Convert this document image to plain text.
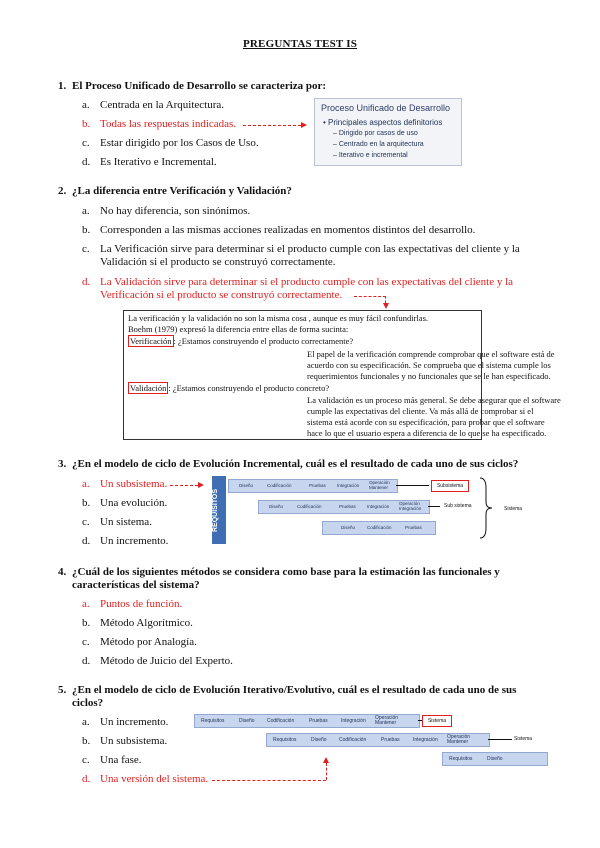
PREGUNTAS TEST IS
1. El Proceso Unificado de Desarrollo se caracteriza por:
a. Centrada en la Arquitectura.
b. Todas las respuestas indicadas.
c. Estar dirigido por los Casos de Uso.
d. Es Iterativo e Incremental.
Proceso Unificado de Desarrollo
• Principales aspectos definitorios
– Dirigido por casos de uso
– Centrado en la arquitectura
– Iterativo e incremental
2. ¿La diferencia entre Verificación y Validación?
a. No hay diferencia, son sinónimos.
b. Corresponden a las mismas acciones realizadas en momentos distintos del desarrollo.
c. La Verificación sirve para determinar si el producto cumple con las expectativas del cliente y la
Validación si el producto se construyó correctamente.
d. La Validación sirve para determinar si el producto cumple con las expectativas del cliente y la
Verificación si el producto se construyó correctamente.
La verificación y la validación no son la misma cosa , aunque es muy fácil confundirlas.
Boehm (1979) expresó la diferencia entre ellas de forma sucinta:
Verificación : ¿Estamos construyendo el producto correctamente?
El papel de la verificación comprende comprobar que el software está de
acuerdo con su especificación. Se comprueba que el sistema cumple los
requerimientos funcionales y no funcionales que se le han especificado.
Validación : ¿Estamos construyendo el producto concreto?
La validación es un proceso más general. Se debe asegurar que el software
cumple las expectativas del cliente. Va más allá de comprobar si el
sistema está acorde con su especificación, para probar que el software
hace lo que el usuario espera a diferencia de lo que se ha especificado.
3. ¿En el modelo de ciclo de Evolución Incremental, cuál es el resultado de cada uno de sus ciclos?
a. Un subsistema.
b. Una evolución.
c. Un sistema.
d. Un incremento.
REQUISITOS
Diseño	Codificación	Pruebas Integración
Operación Mantener	Subsistema
Diseño	Codificación	Pruebas Integración
Operación Integración	Sub sistema
Diseño	Codificación	Pruebas
Sistema
4. ¿Cuál de los siguientes métodos se considera como base para la estimación las funcionales y
características del sistema?
a. Puntos de función.
b. Método Algorítmico.
c. Método por Analogía.
d. Método de Juicio del Experto.
5. ¿En el modelo de ciclo de Evolución Iterativo/Evolutivo, cuál es el resultado de cada uno de sus
ciclos?
a. Un incremento.
b. Un subsistema.
c. Una fase.
d. Una versión del sistema.
Requisitos	Diseño Codificación	Pruebas	Integración Operación Mantener	Sistema
Requisitos	Diseño Codificación	Pruebas	Integración Operación Mantener	Sistema
Requisitos	Diseño
